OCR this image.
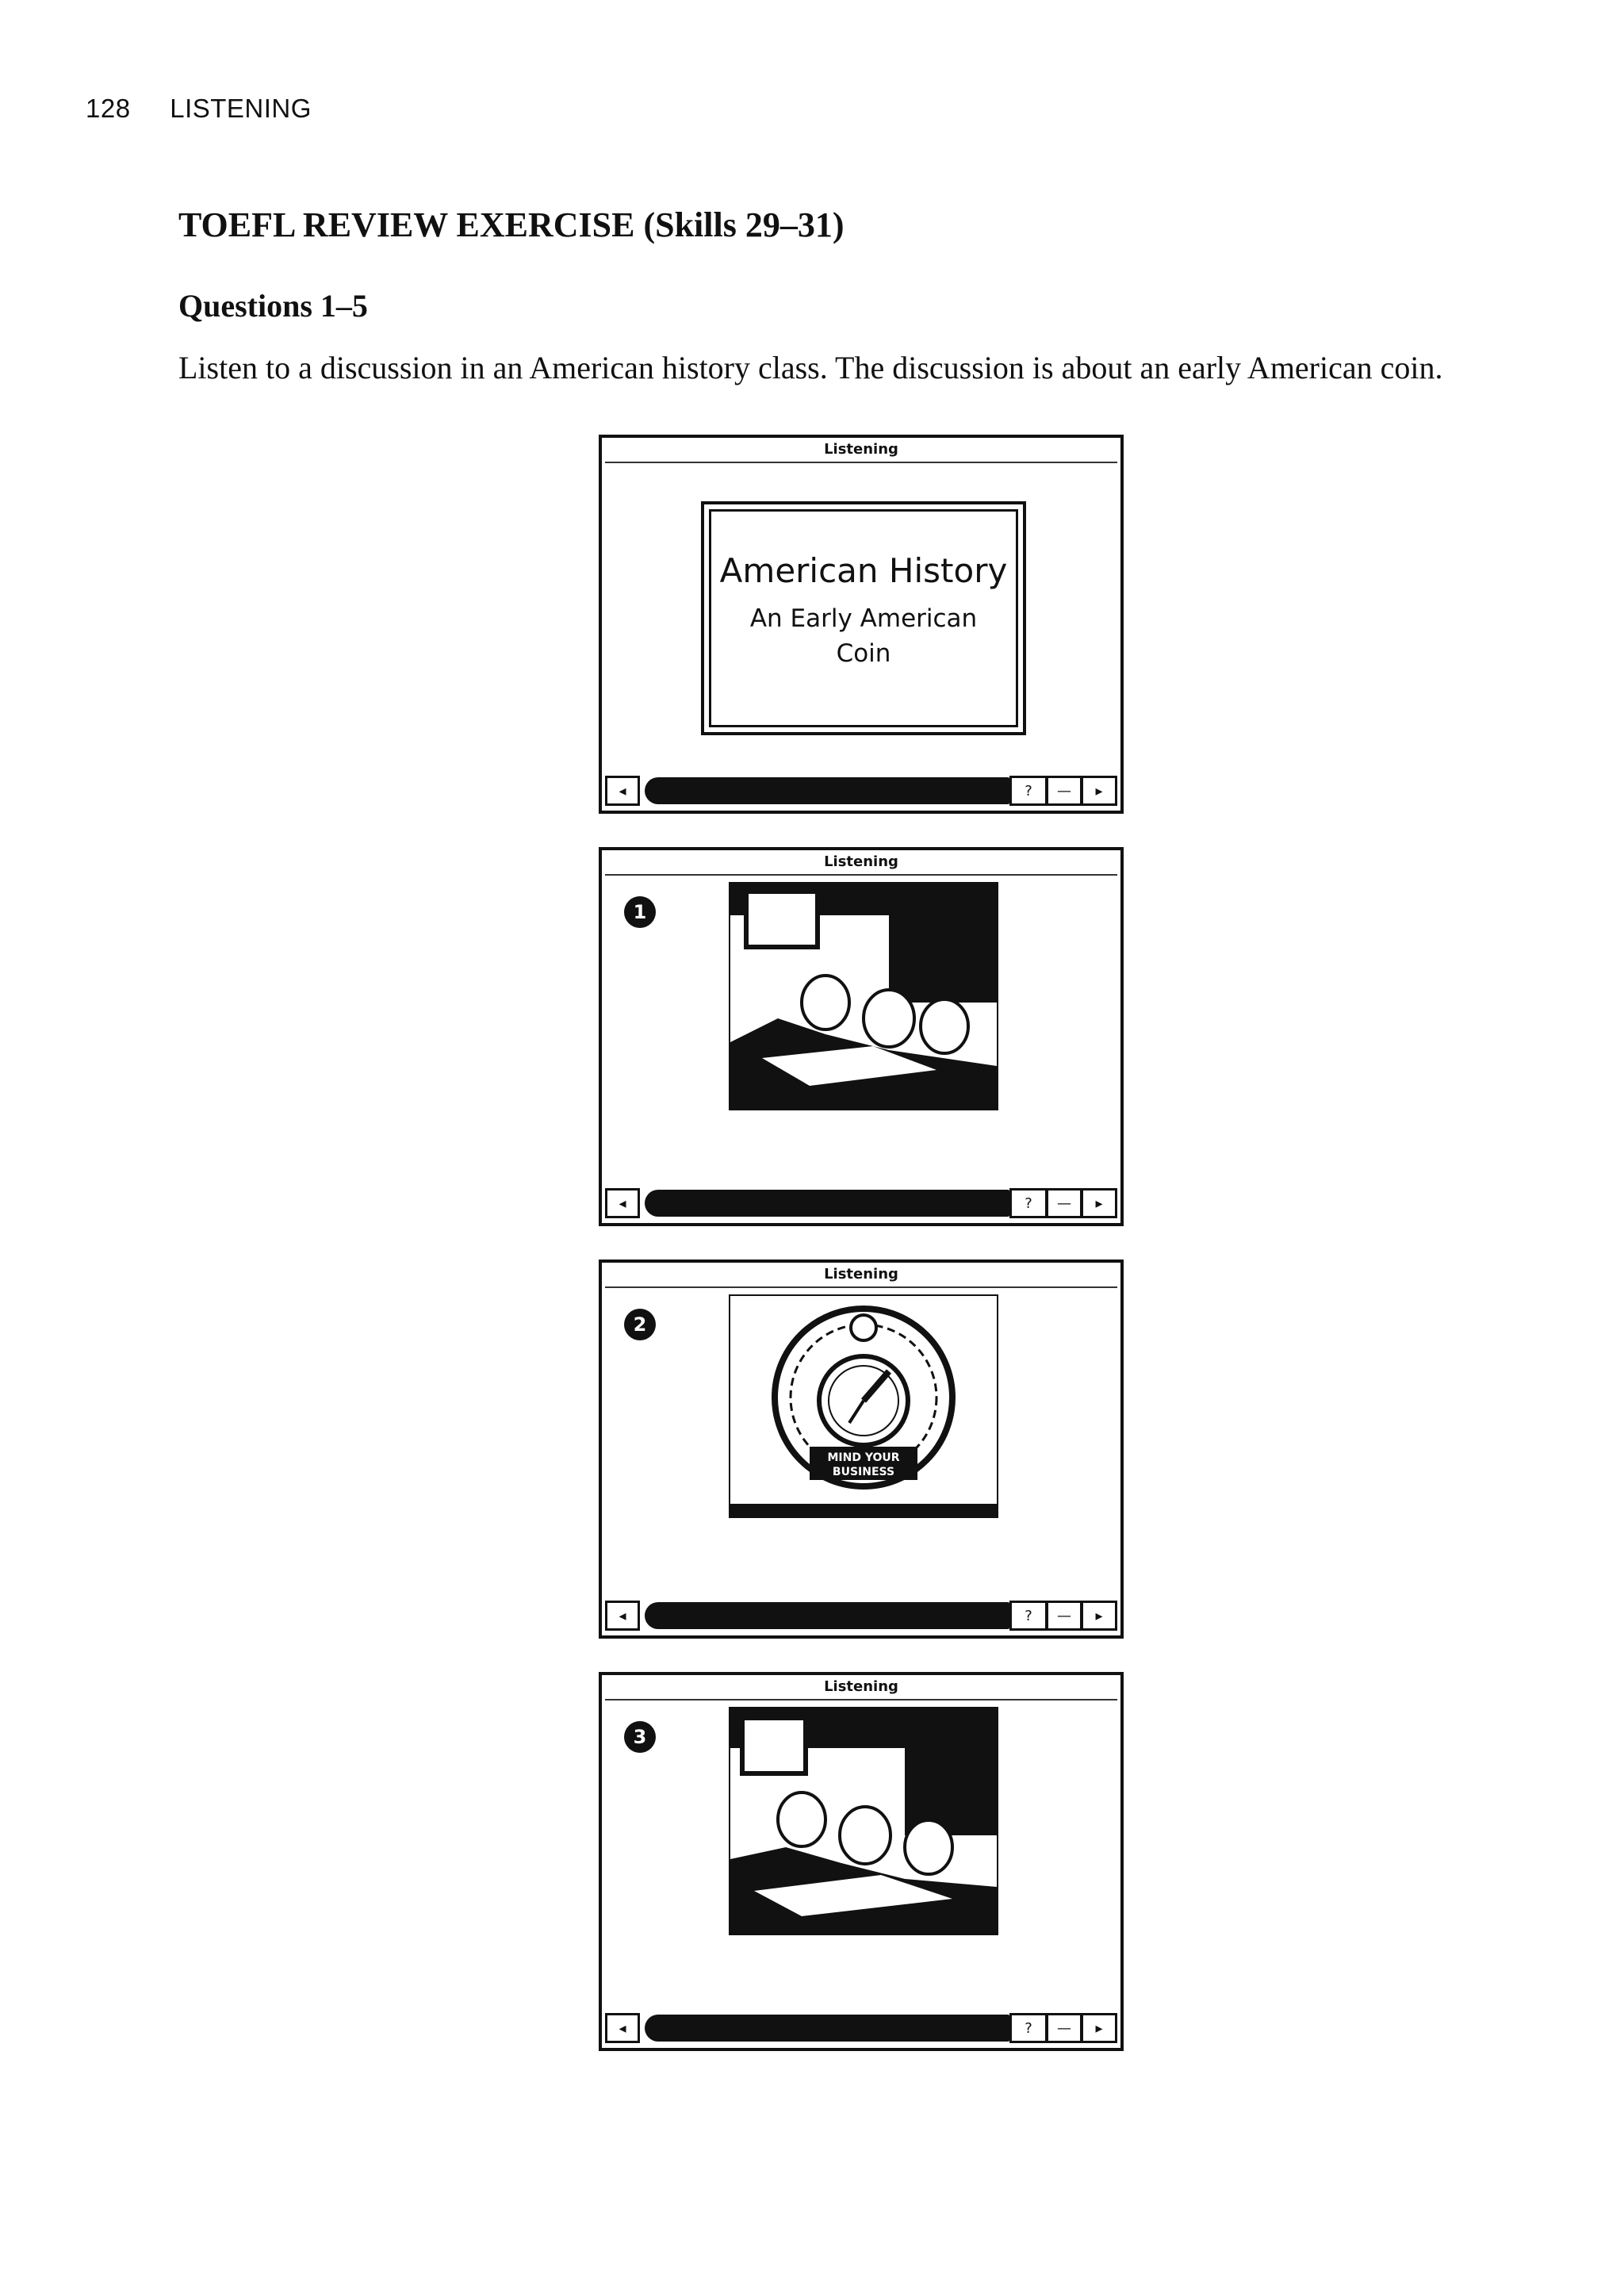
128 LISTENING
TOEFL REVIEW EXERCISE (Skills 29–31)
Questions 1–5

Listen to a discussion in an American history class. The discussion is about an early American coin.

Listening
American History
An Early American
Coin
◂	? — ▸
Listening
1
◂	? — ▸
Listening
2
MIND YOUR
BUSINESS
◂	? — ▸
Listening
3
◂	? — ▸
